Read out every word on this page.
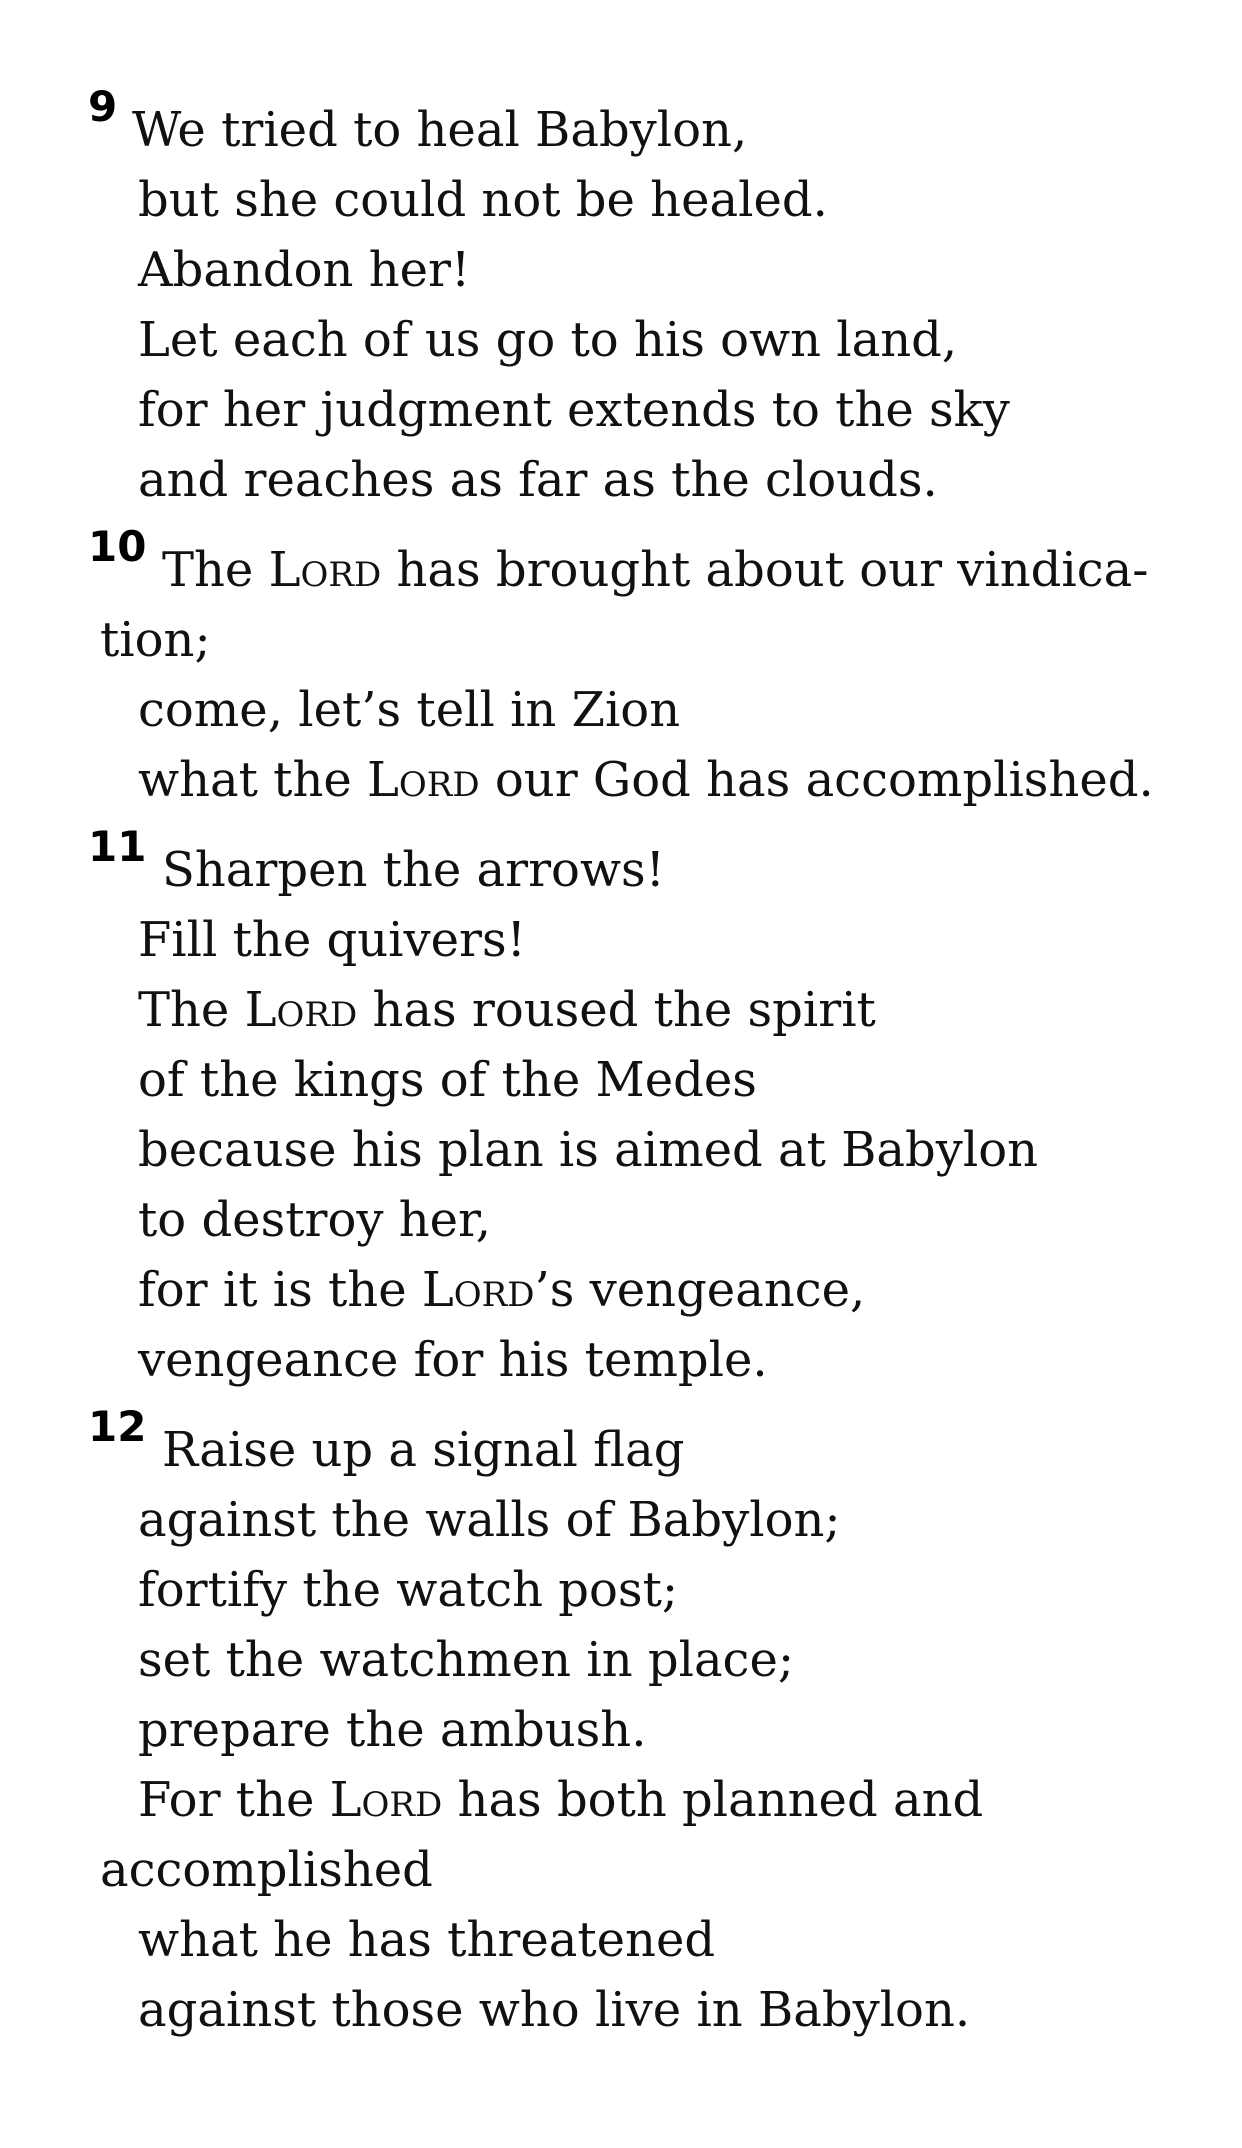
9 We tried to heal Babylon,
but she could not be healed.
Abandon her!
Let each of us go to his own land,
for her judgment extends to the sky
and reaches as far as the clouds.
10 The Lord has brought about our vindica-
tion;
come, let’s tell in Zion
what the Lord our God has accomplished.
11 Sharpen the arrows!
Fill the quivers!
The Lord has roused the spirit
of the kings of the Medes
because his plan is aimed at Babylon
to destroy her,
for it is the Lord’s vengeance,
vengeance for his temple.
12 Raise up a signal flag
against the walls of Babylon;
fortify the watch post;
set the watchmen in place;
prepare the ambush.
For the Lord has both planned and
accomplished
what he has threatened
against those who live in Babylon.
